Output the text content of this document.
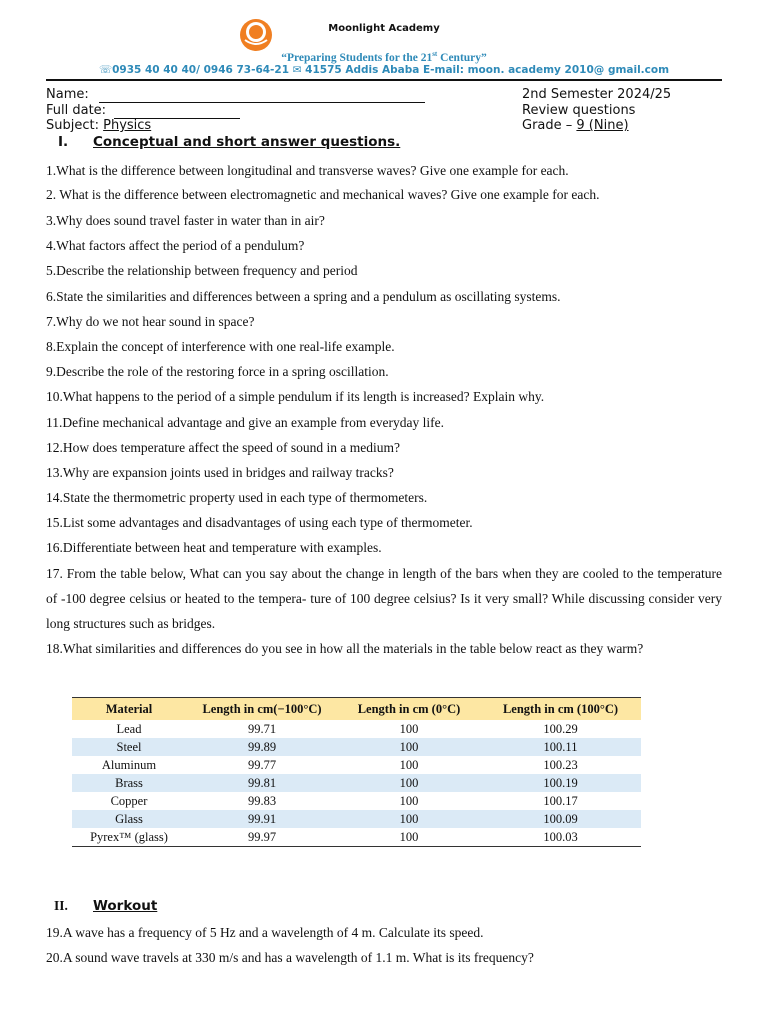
Moonlight Academy
“Preparing Students for the 21st Century”
☏0935 40 40 40/ 0946 73-64-21 ✉ 41575 Addis Ababa E-mail: moon. academy 2010@ gmail.com
Name:
Full date:
Subject: Physics
2nd Semester 2024/25
Review questions
Grade – 9 (Nine)
I. Conceptual and short answer questions.
1.What is the difference between longitudinal and transverse waves? Give one example for each.
2. What is the difference between electromagnetic and mechanical waves? Give one example for each.
3.Why does sound travel faster in water than in air?
4.What factors affect the period of a pendulum?
5.Describe the relationship between frequency and period
6.State the similarities and differences between a spring and a pendulum as oscillating systems.
7.Why do we not hear sound in space?
8.Explain the concept of interference with one real-life example.
9.Describe the role of the restoring force in a spring oscillation.
10.What happens to the period of a simple pendulum if its length is increased? Explain why.
11.Define mechanical advantage and give an example from everyday life.
12.How does temperature affect the speed of sound in a medium?
13.Why are expansion joints used in bridges and railway tracks?
14.State the thermometric property used in each type of thermometers.
15.List some advantages and disadvantages of using each type of thermometer.
16.Differentiate between heat and temperature with examples.
17. From the table below, What can you say about the change in length of the bars when they are cooled to the temperature of -100 degree celsius or heated to the tempera- ture of 100 degree celsius? Is it very small? While discussing consider very long structures such as bridges.
18.What similarities and differences do you see in how all the materials in the table below react as they warm?
Material	Length in cm(−100°C)	Length in cm (0°C)	Length in cm (100°C)
Lead	99.71	100	100.29
Steel	99.89	100	100.11
Aluminum	99.77	100	100.23
Brass	99.81	100	100.19
Copper	99.83	100	100.17
Glass	99.91	100	100.09
Pyrex™ (glass)	99.97	100	100.03
II. Workout
19.A wave has a frequency of 5 Hz and a wavelength of 4 m. Calculate its speed.
20.A sound wave travels at 330 m/s and has a wavelength of 1.1 m. What is its frequency?
